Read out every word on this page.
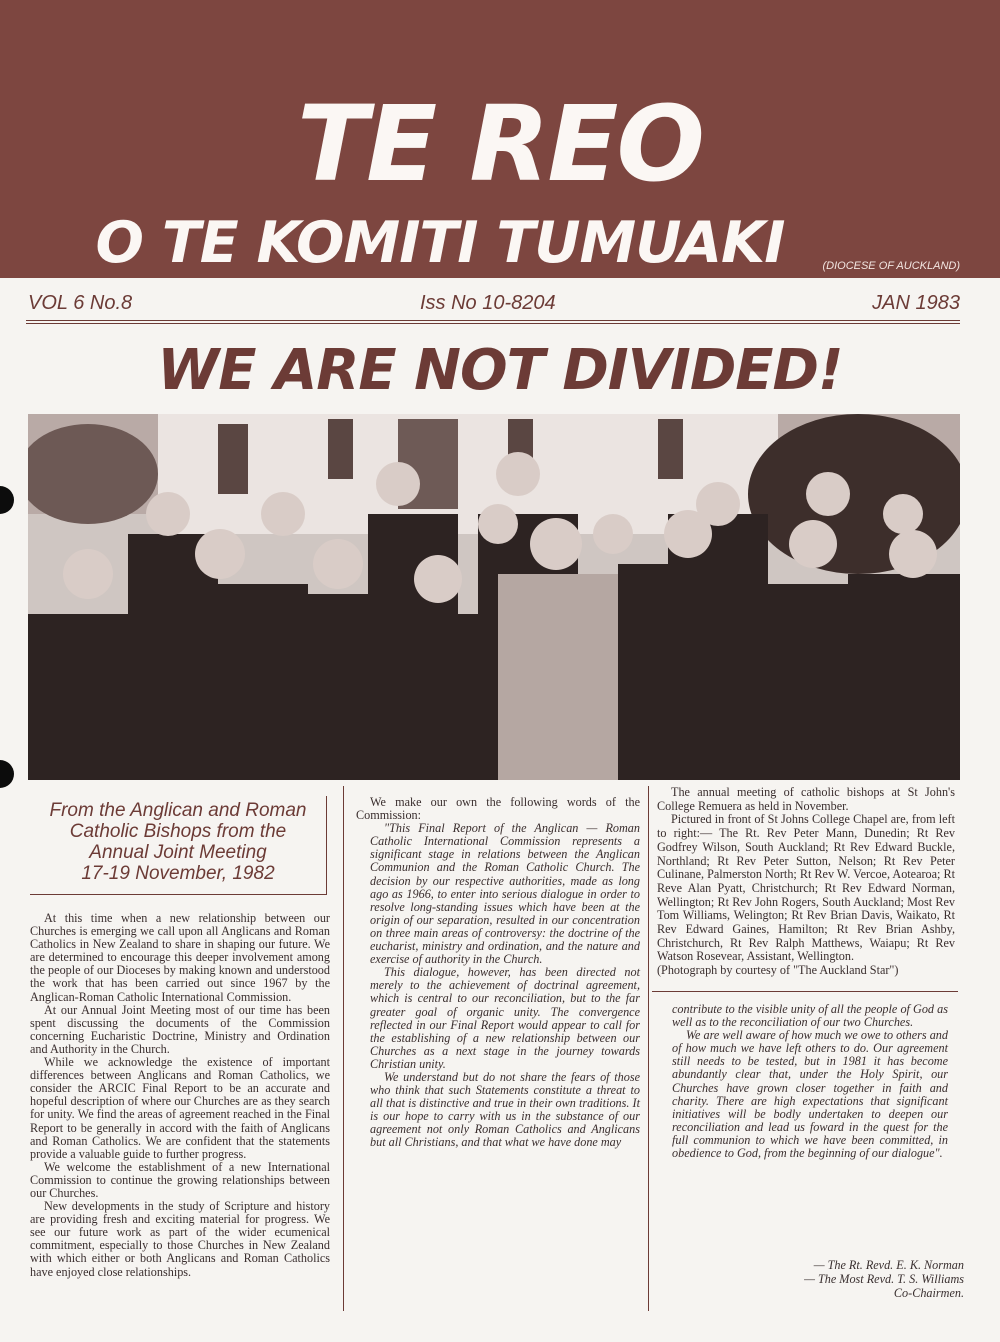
TE REO
O TE KOMITI TUMUAKI	(DIOCESE OF AUCKLAND)
VOL 6 No.8	Iss No 10-8204	JAN 1983
WE ARE NOT DIVIDED!
From the Anglican and Roman
Catholic Bishops from the
Annual Joint Meeting
17-19 November, 1982

At this time when a new relationship between our Churches is emerging we call upon all Anglicans and Roman Catholics in New Zealand to share in shaping our future. We are determined to encourage this deeper involvement among the people of our Dioceses by making known and understood the work that has been carried out since 1967 by the Anglican-Roman Catholic International Commission.

At our Annual Joint Meeting most of our time has been spent discussing the documents of the Commission concerning Eucharistic Doctrine, Ministry and Ordination and Authority in the Church.

While we acknowledge the existence of important differences between Anglicans and Roman Catholics, we consider the ARCIC Final Report to be an accurate and hopeful description of where our Churches are as they search for unity. We find the areas of agreement reached in the Final Report to be generally in accord with the faith of Anglicans and Roman Catholics. We are confident that the statements provide a valuable guide to further progress.

We welcome the establishment of a new International Commission to continue the growing relationships between our Churches.

New developments in the study of Scripture and history are providing fresh and exciting material for progress. We see our future work as part of the wider ecumenical commitment, especially to those Churches in New Zealand with which either or both Anglicans and Roman Catholics have enjoyed close relationships.

We make our own the following words of the Commission:

"This Final Report of the Anglican — Roman Catholic International Commission represents a significant stage in relations between the Anglican Communion and the Roman Catholic Church. The decision by our respective authorities, made as long ago as 1966, to enter into serious dialogue in order to resolve long-standing issues which have been at the origin of our separation, resulted in our concentration on three main areas of controversy: the doctrine of the eucharist, ministry and ordination, and the nature and exercise of authority in the Church.

This dialogue, however, has been directed not merely to the achievement of doctrinal agreement, which is central to our reconciliation, but to the far greater goal of organic unity. The convergence reflected in our Final Report would appear to call for the establishing of a new relationship between our Churches as a next stage in the journey towards Christian unity.

We understand but do not share the fears of those who think that such Statements constitute a threat to all that is distinctive and true in their own traditions. It is our hope to carry with us in the substance of our agreement not only Roman Catholics and Anglicans but all Christians, and that what we have done may

The annual meeting of catholic bishops at St John's College Remuera as held in November.

Pictured in front of St Johns College Chapel are, from left to right:— The Rt. Rev Peter Mann, Dunedin; Rt Rev Godfrey Wilson, South Auckland; Rt Rev Edward Buckle, Northland; Rt Rev Peter Sutton, Nelson; Rt Rev Peter Culinane, Palmerston North; Rt Rev W. Vercoe, Aotearoa; Rt Reve Alan Pyatt, Christchurch; Rt Rev Edward Norman, Wellington; Rt Rev John Rogers, South Auckland; Most Rev Tom Williams, Welington; Rt Rev Brian Davis, Waikato, Rt Rev Edward Gaines, Hamilton; Rt Rev Brian Ashby, Christchurch, Rt Rev Ralph Matthews, Waiapu; Rt Rev Watson Rosevear, Assistant, Wellington.

(Photograph by courtesy of "The Auckland Star")

contribute to the visible unity of all the people of God as well as to the reconciliation of our two Churches.

We are well aware of how much we owe to others and of how much we have left others to do. Our agreement still needs to be tested, but in 1981 it has become abundantly clear that, under the Holy Spirit, our Churches have grown closer together in faith and charity. There are high expectations that significant initiatives will be bodly undertaken to deepen our reconciliation and lead us foward in the quest for the full communion to which we have been committed, in obedience to God, from the beginning of our dialogue".

— The Rt. Revd. E. K. Norman
— The Most Revd. T. S. Williams
Co-Chairmen.
